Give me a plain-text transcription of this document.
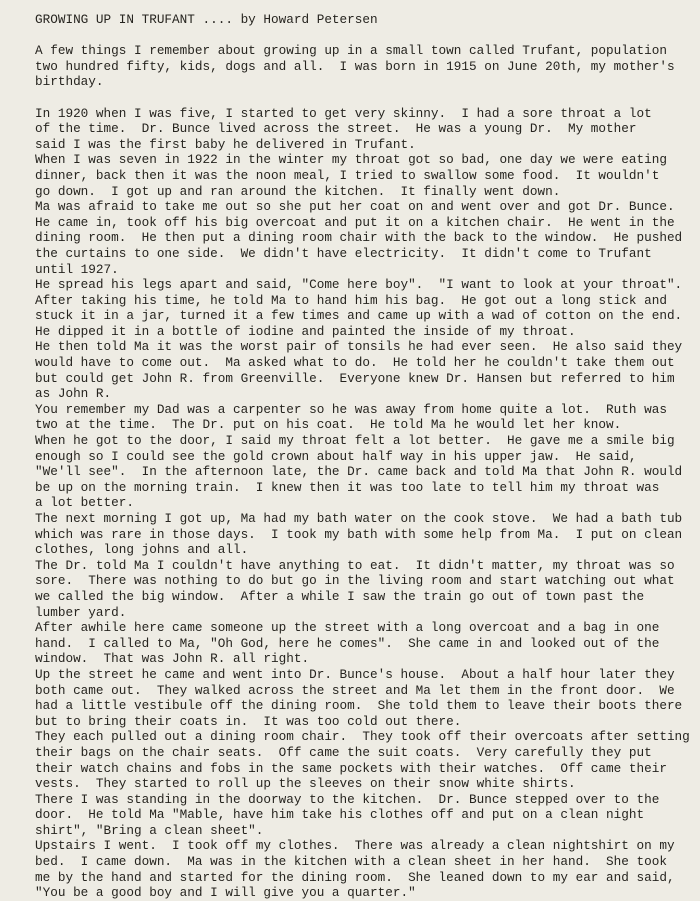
GROWING UP IN TRUFANT .... by Howard Petersen
A few things I remember about growing up in a small town called Trufant, population
two hundred fifty, kids, dogs and all.  I was born in 1915 on June 20th, my mother's
birthday.
In 1920 when I was five, I started to get very skinny.  I had a sore throat a lot
of the time.  Dr. Bunce lived across the street.  He was a young Dr.  My mother
said I was the first baby he delivered in Trufant.
When I was seven in 1922 in the winter my throat got so bad, one day we were eating
dinner, back then it was the noon meal, I tried to swallow some food.  It wouldn't
go down.  I got up and ran around the kitchen.  It finally went down.
Ma was afraid to take me out so she put her coat on and went over and got Dr. Bunce.
He came in, took off his big overcoat and put it on a kitchen chair.  He went in the
dining room.  He then put a dining room chair with the back to the window.  He pushed
the curtains to one side.  We didn't have electricity.  It didn't come to Trufant
until 1927.
He spread his legs apart and said, "Come here boy".  "I want to look at your throat".
After taking his time, he told Ma to hand him his bag.  He got out a long stick and
stuck it in a jar, turned it a few times and came up with a wad of cotton on the end.
He dipped it in a bottle of iodine and painted the inside of my throat.
He then told Ma it was the worst pair of tonsils he had ever seen.  He also said they
would have to come out.  Ma asked what to do.  He told her he couldn't take them out
but could get John R. from Greenville.  Everyone knew Dr. Hansen but referred to him
as John R.
You remember my Dad was a carpenter so he was away from home quite a lot.  Ruth was
two at the time.  The Dr. put on his coat.  He told Ma he would let her know.
When he got to the door, I said my throat felt a lot better.  He gave me a smile big
enough so I could see the gold crown about half way in his upper jaw.  He said,
"We'll see".  In the afternoon late, the Dr. came back and told Ma that John R. would
be up on the morning train.  I knew then it was too late to tell him my throat was
a lot better.
The next morning I got up, Ma had my bath water on the cook stove.  We had a bath tub
which was rare in those days.  I took my bath with some help from Ma.  I put on clean
clothes, long johns and all.
The Dr. told Ma I couldn't have anything to eat.  It didn't matter, my throat was so
sore.  There was nothing to do but go in the living room and start watching out what
we called the big window.  After a while I saw the train go out of town past the
lumber yard.
After awhile here came someone up the street with a long overcoat and a bag in one
hand.  I called to Ma, "Oh God, here he comes".  She came in and looked out of the
window.  That was John R. all right.
Up the street he came and went into Dr. Bunce's house.  About a half hour later they
both came out.  They walked across the street and Ma let them in the front door.  We
had a little vestibule off the dining room.  She told them to leave their boots there
but to bring their coats in.  It was too cold out there.
They each pulled out a dining room chair.  They took off their overcoats after setting
their bags on the chair seats.  Off came the suit coats.  Very carefully they put
their watch chains and fobs in the same pockets with their watches.  Off came their
vests.  They started to roll up the sleeves on their snow white shirts.
There I was standing in the doorway to the kitchen.  Dr. Bunce stepped over to the
door.  He told Ma "Mable, have him take his clothes off and put on a clean night
shirt", "Bring a clean sheet".
Upstairs I went.  I took off my clothes.  There was already a clean nightshirt on my
bed.  I came down.  Ma was in the kitchen with a clean sheet in her hand.  She took
me by the hand and started for the dining room.  She leaned down to my ear and said,
"You be a good boy and I will give you a quarter."
